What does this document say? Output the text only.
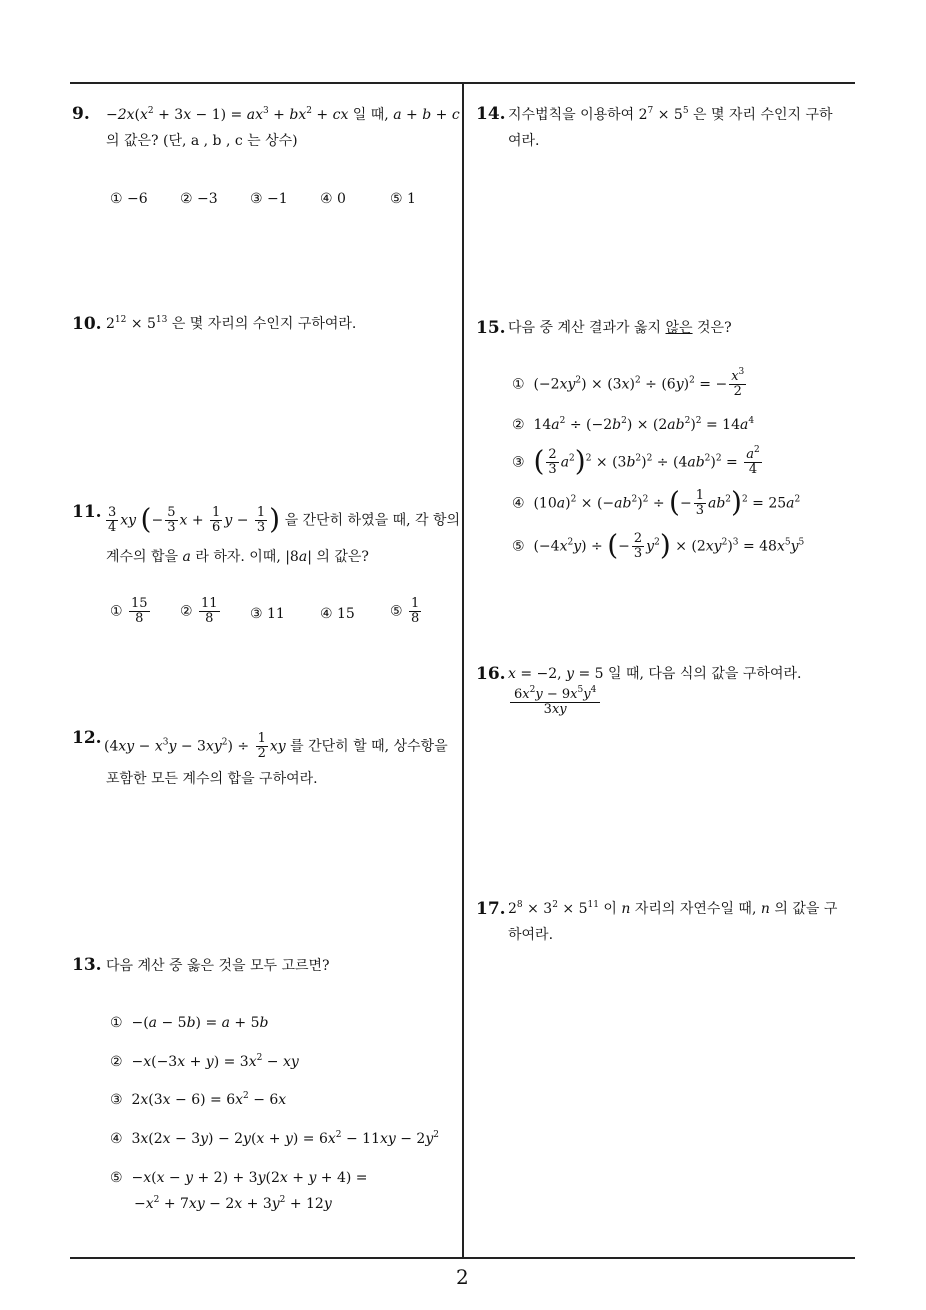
9. $-2x(x^2 + 3x - 1) = ax^3 + bx^2$ + cx 일 때, a + b + c
의 값은? (단, a , b , c 는 상수)
① −6 ② −3 ③ −1 ④ 0	⑤ 1
10. $2^{12} \times 5^{13}$ 은 몇 자리의 수인지 구하여라.
11. $\frac{3}{4}$ xy (− $\frac{5}{3}$ $x + \frac{1}{6}$ $y - \frac{1}{3}$ ) 을 간단히 하였을 때, 각 항의
계수의 합을 a 라 하자. 이때, |8a| 의 값은?
① $\frac{15}{8}$ ② $\frac{11}{8}$ ③ 11	④ 15	⑤ $\frac{1}{8}$
12. $(4xy - x^3y - 3xy^2) \div \frac{1}{2}$ xy 를 간단히 할 때, 상수항을
포함한 모든 계수의 합을 구하여라.
13. 다음 계산 중 옳은 것을 모두 고르면?
①  −(a − 5b) = a + 5b
②  $-x(-3x + y) = 3x^2$ − xy
③  $2x(3x - 6) = 6x^2 - 6x$
④  $3x(2x - 3y) - 2y(x + y) = 6x^2 - 11xy - 2y^2$
⑤  −x(x − y + 2) + 3y(2x + y + 4) =
$-x^2 + 7xy - 2x + 3y^2 + 12y$
14. 지수법칙을 이용하여 $2^7 \times 5^5$ 은 몇 자리 수인지 구하
여라.
15. 다음 중 계산 결과가 옳지 않은 것은?
①  $(-2xy^2) \times (3x)^2 \div (6y)^2$ = − $\frac{x^3}{2}$
②  $14a^2 \div (-2b^2) \times (2ab^2)^2 = 14a^4$
③ ( $\frac{2}{3} a^2)^2 \times (3b^2)^2 \div (4ab^2)^2 = \frac{a^2}{4}$
④  $(10a)^2 \times (-ab^2)^2$ ÷ (− $\frac{1}{3} ab^2)^2 = 25a^2$
⑤  $(-4x^2y)$ ÷ (− $\frac{2}{3} y^2) \times (2xy^2)^3 = 48x^5y^5$
16. x = −2, y = 5 일 때, 다음 식의 값을 구하여라.
$\frac{6x^2y - 9x^5y^4}{3xy}$
17. $2^8 \times 3^2 \times 5^{11}$ 이 n 자리의 자연수일 때, n 의 값을 구
하여라.
2
